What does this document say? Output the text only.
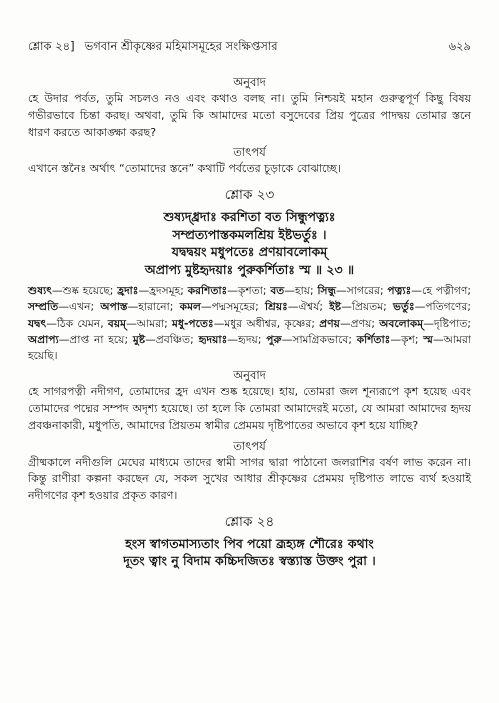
শ্লোক ২৪] ভগবান শ্রীকৃষ্ণের মহিমাসমূহের সংক্ষিপ্তসার	৬২৯
অনুবাদ

হে উদার পর্বত, তুমি সচলও নও এবং কথাও বলছ না। তুমি নিশ্চয়ই মহান গুরুত্বপূর্ণ কিছু বিষয় গভীরভাবে চিন্তা করছ। অথবা, তুমি কি আমাদের মতো বসুদেবের প্রিয় পুত্রের পাদদ্বয় তোমার স্তনে ধারণ করতে আকাঙ্ক্ষা করছ?

তাৎপর্য

এখানে স্তনৈঃ অর্থাৎ “তোমাদের স্তনে” কথাটি পর্বতের চূড়াকে বোঝাচ্ছে।

শ্লোক ২৩

শুষ্যদ্ধ্রদাঃ করশিতা বত সিন্ধুপত্ন্যঃ
সম্প্রত্যপাস্তকমলশ্রিয় ইষ্টভর্তুঃ ।
যদ্বদ্বয়ং মধুপতেঃ প্রণয়াবলোকম্
অপ্রাপ্য মুষ্টহৃদয়াঃ পুরুকর্শিতাঃ স্ম ॥ ২৩ ॥

শুষ্যৎ—শুষ্ক হয়েছে; হ্রদাঃ—হ্রদসমূহ; করশিতাঃ—কৃশতা; বত—হায়; সিন্ধু—সাগরের; পত্ন্যঃ—হে পত্নীগণ; সম্প্রতি—এখন; অপাস্ত—হারানো; কমল—পদ্মসমূহের; শ্রিয়ঃ—ঐশ্বর্য; ইষ্ট—প্রিয়তম; ভর্তুঃ—পতিগণের; যদ্বৎ—ঠিক যেমন, বয়ম্—আমরা; মধু-পতেঃ—মধুর অধীশ্বর, কৃষ্ণের; প্রণয়—প্রণয়; অবলোকম্—দৃষ্টিপাত; অপ্রাপ্য—প্রাপ্ত না হয়ে; মুষ্ট—প্রবঞ্চিত; হৃদয়াঃ—হৃদয়; পুরু—সামগ্রিকভাবে; কর্শিতাঃ—কৃশ; স্ম—আমরা হয়েছি।

অনুবাদ

হে সাগরপত্নী নদীগণ, তোমাদের হ্রদ এখন শুষ্ক হয়েছে। হায়, তোমরা জল শূন্যরূপে কৃশ হয়েছ এবং তোমাদের পদ্মের সম্পদ অদৃশ্য হয়েছে। তা হলে কি তোমরা আমাদেরই মতো, যে আমরা আমাদের হৃদয় প্রবঞ্চনাকারী, মধুপতি, আমাদের প্রিয়তম স্বামীর প্রেমময় দৃষ্টিপাতের অভাবে কৃশ হয়ে যাচ্ছি?

তাৎপর্য

গ্রীষ্মকালে নদীগুলি মেঘের মাধ্যমে তাদের স্বামী সাগর দ্বারা পাঠানো জলরাশির বর্ষণ লাভ করেন না। কিন্তু রাণীরা কল্পনা করছেন যে, সকল সুখের আধার শ্রীকৃষ্ণের প্রেমময় দৃষ্টিপাত লাভে ব্যর্থ হওয়াই নদীগণের কৃশ হওয়ার প্রকৃত কারণ।

শ্লোক ২৪

হংস স্বাগতমাস্যতাং পিব পয়ো ব্রূহ্যঙ্গ শৌরেঃ কথাং
দূতং ত্বাং নু বিদাম কচ্চিদজিতঃ স্বস্ত্যাস্ত উক্তং পুরা ।
